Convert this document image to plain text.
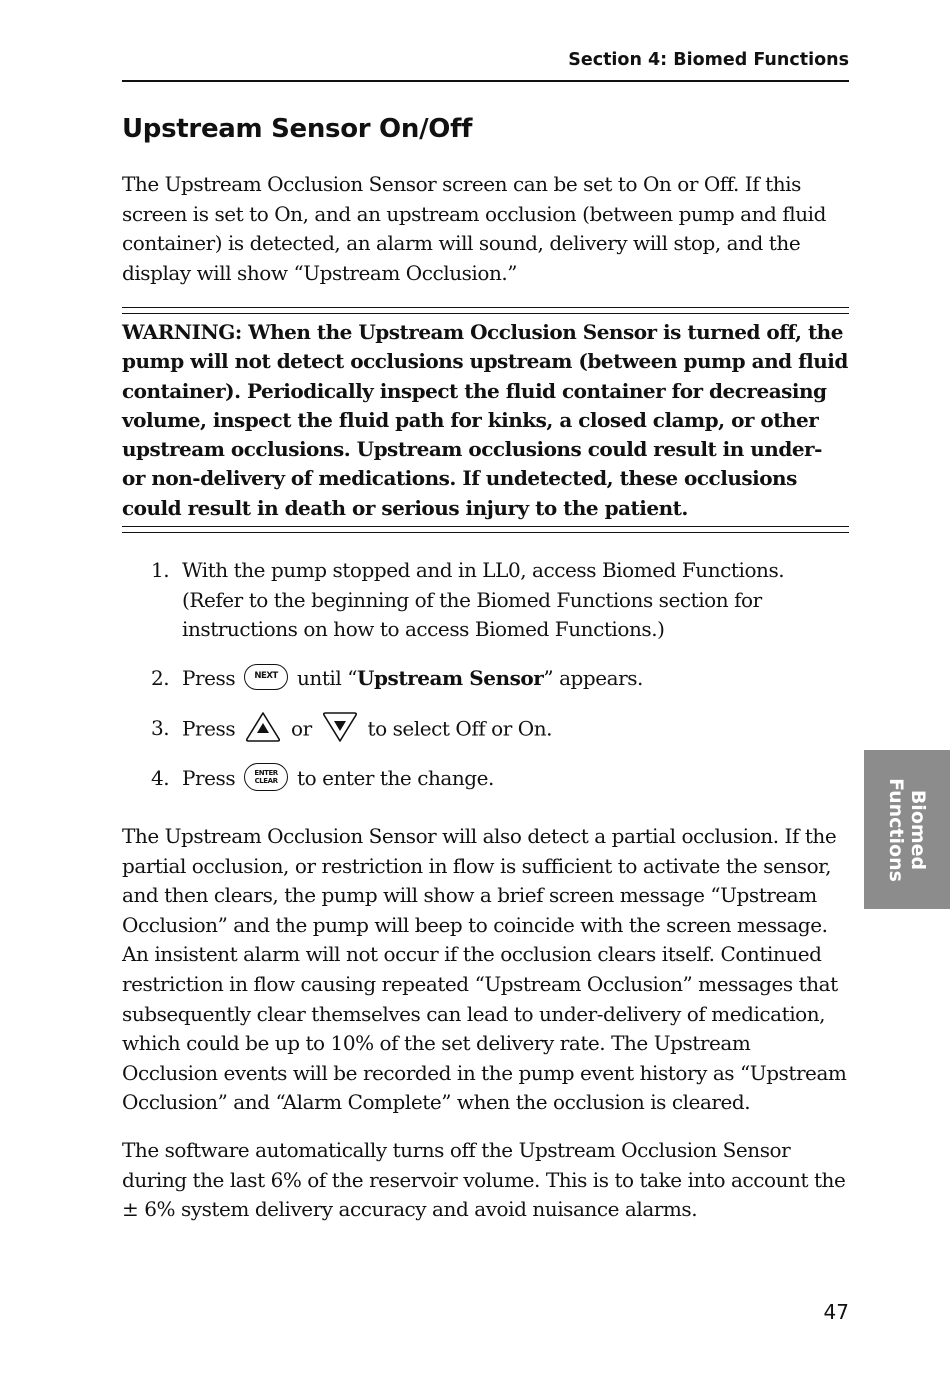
Section 4: Biomed Functions
Upstream Sensor On/Off

The Upstream Occlusion Sensor screen can be set to On or Off. If this screen is set to On, and an upstream occlusion (between pump and fluid container) is detected, an alarm will sound, delivery will stop, and the display will show “Upstream Occlusion.”

WARNING: When the Upstream Occlusion Sensor is turned off, the pump will not detect occlusions upstream (between pump and fluid container). Periodically inspect the fluid container for decreasing volume, inspect the fluid path for kinks, a closed clamp, or other upstream occlusions. Upstream occlusions could result in under- or non-delivery of medications. If undetected, these occlusions could result in death or serious injury to the patient.

1. With the pump stopped and in LL0, access Biomed Functions. (Refer to the beginning of the Biomed Functions section for instructions on how to access Biomed Functions.)
2. Press NEXT until “Upstream Sensor” appears.
3. Press	or	to select Off or On.
4. Press	ENTER
CLEAR to enter the change.

The Upstream Occlusion Sensor will also detect a partial occlusion. If the partial occlusion, or restriction in flow is sufficient to activate the sensor, and then clears, the pump will show a brief screen message “Upstream Occlusion” and the pump will beep to coincide with the screen message. An insistent alarm will not occur if the occlusion clears itself. Continued restriction in flow causing repeated “Upstream Occlusion” messages that subsequently clear themselves can lead to under-delivery of medication, which could be up to 10% of the set delivery rate. The Upstream Occlusion events will be recorded in the pump event history as “Upstream Occlusion” and “Alarm Complete” when the occlusion is cleared.

The software automatically turns off the Upstream Occlusion Sensor during the last 6% of the reservoir volume. This is to take into account the ± 6% system delivery accuracy and avoid nuisance alarms.

Biomed
Functions
47
